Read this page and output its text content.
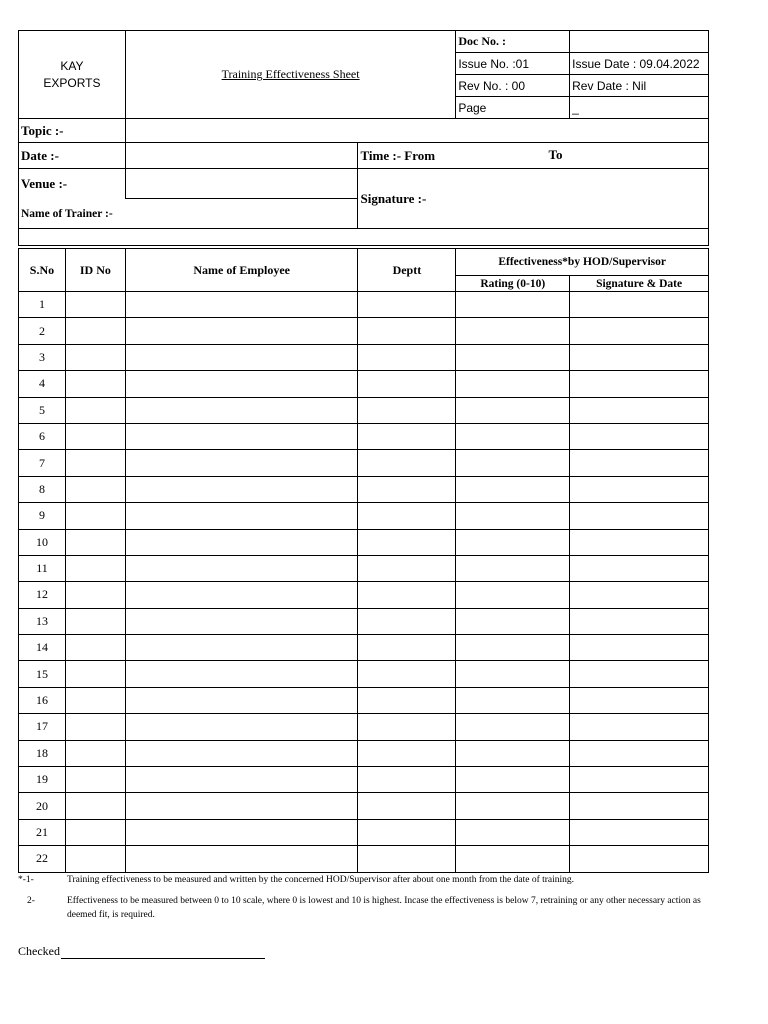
KAY
EXPORTS	Training Effectiveness Sheet	Doc No. :	
		Issue No. :01	Issue Date : 09.04.2022
		Rev No. : 00	Rev Date : Nil
		Page	_
Topic :-		
Date :-		Time :- From To

Venue :-		Signature :-
Name of Trainer :-		

S.No	ID No	Name of Employee	Deptt	Effectiveness*by HOD/Supervisor	
				Rating (0-10)	Signature & Date
1					
2					
3					
4					
5					
6					
7					
8					
9					
10					
11					
12					
13					
14					
15					
16					
17					
18					
19					
20					
21					
22					
*-1-	Training effectiveness to be measured and written by the concerned HOD/Supervisor after about one month from the date of training.
2-	Effectiveness to be measured between 0 to 10 scale, where 0 is lowest and 10 is highest. Incase the effectiveness is below 7, retraining or any other necessary action as deemed fit, is required.
Checked
